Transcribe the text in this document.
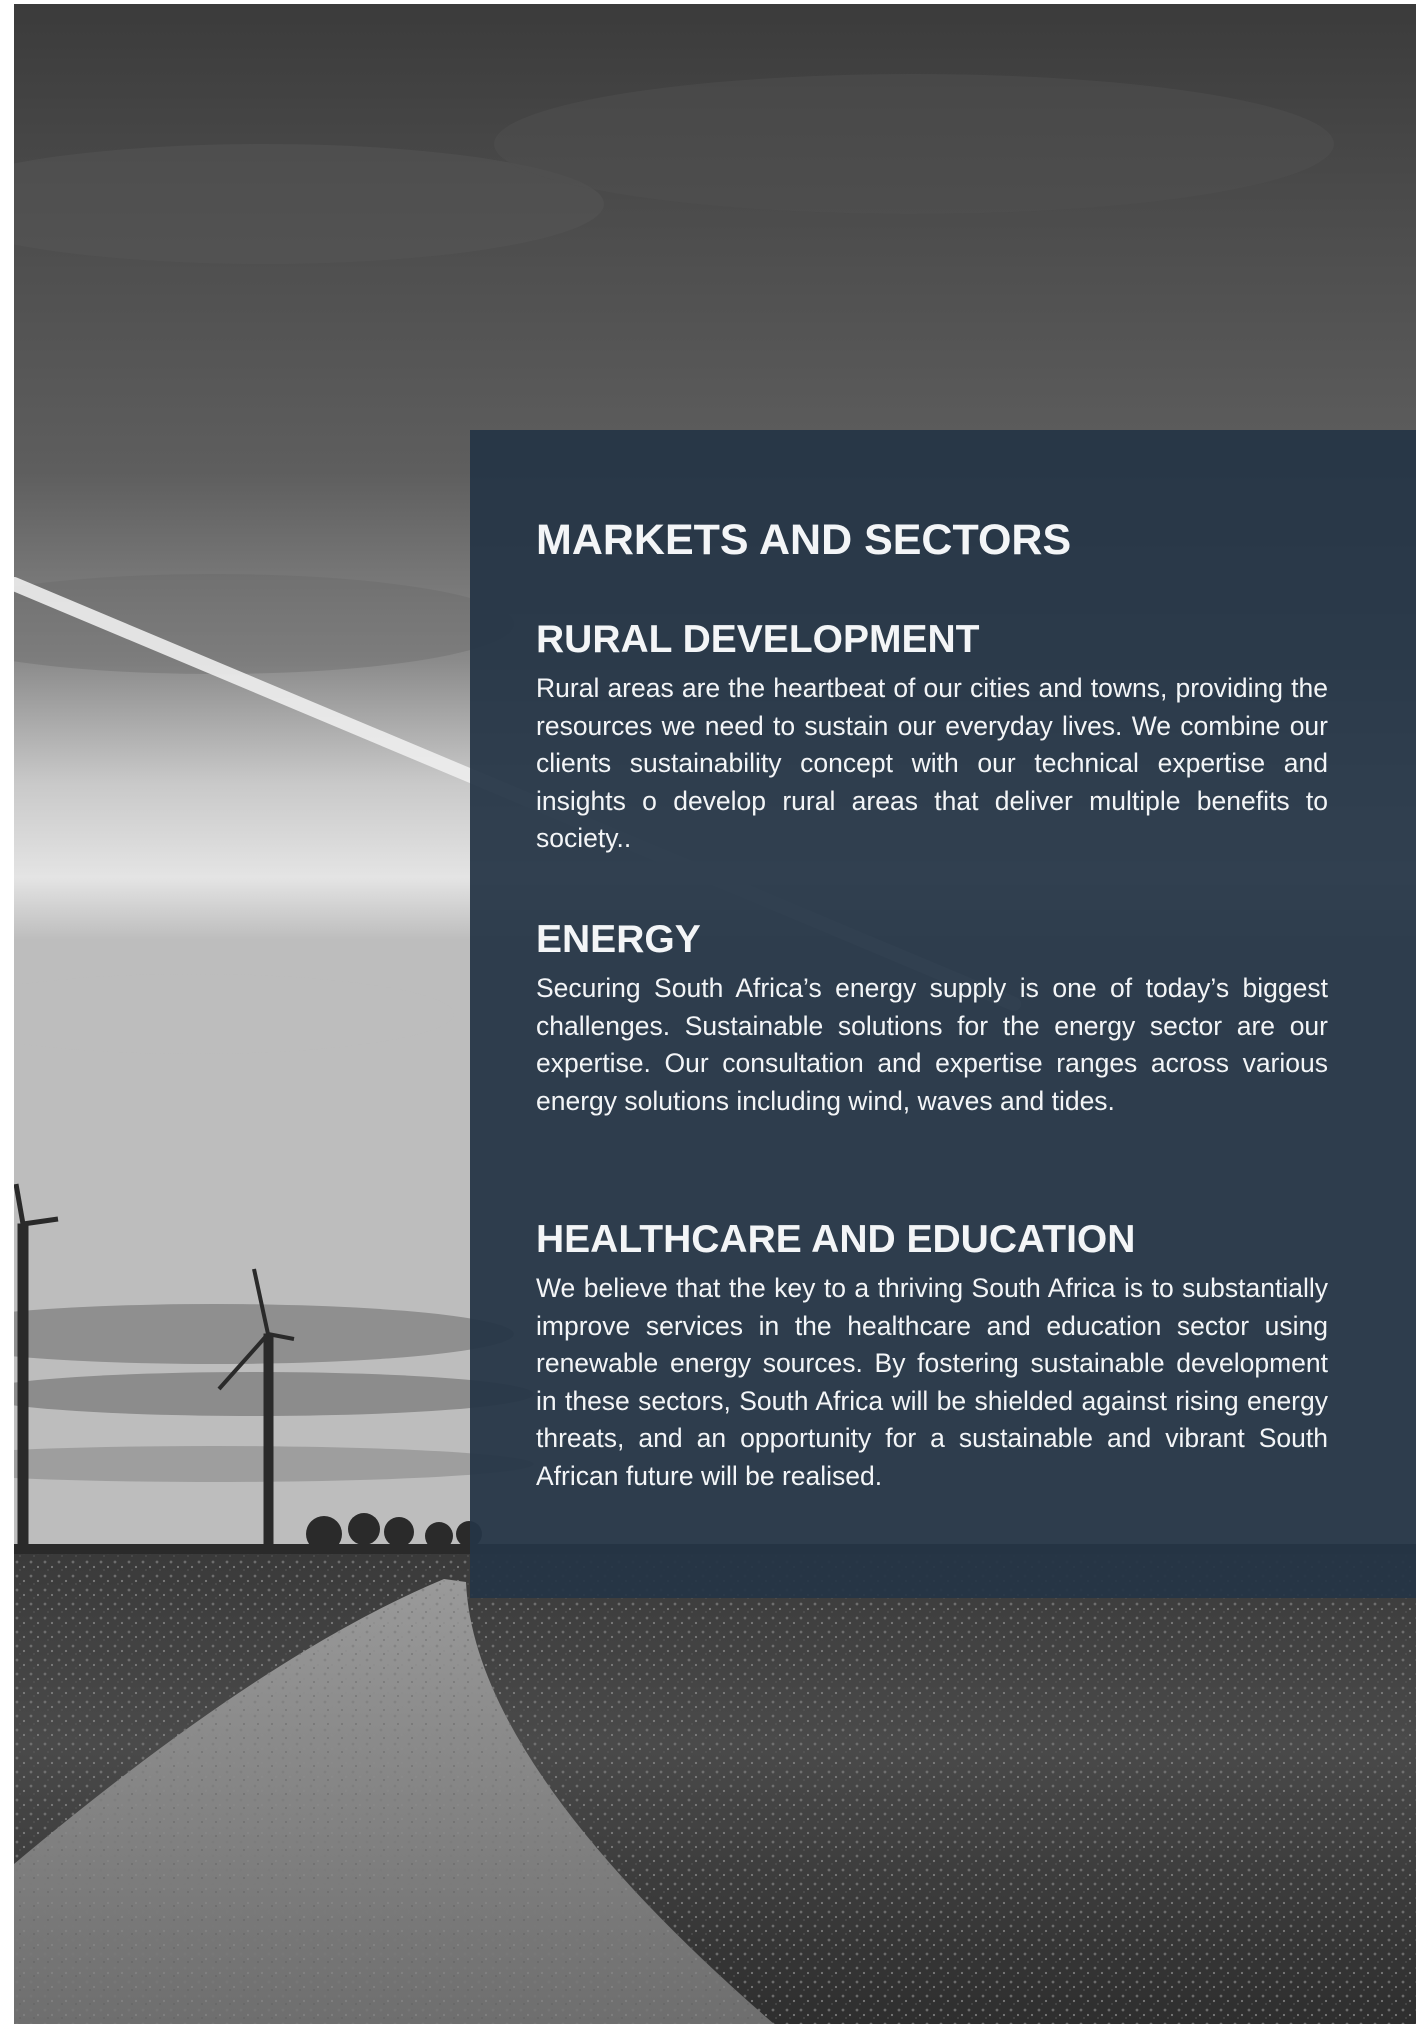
MARKETS AND SECTORS
RURAL DEVELOPMENT

Rural areas are the heartbeat of our cities and towns, providing the resources we need to sustain our everyday lives. We combine our clients sustainability concept with our technical expertise and insights o develop rural areas that deliver multiple benefits to society..

ENERGY

Securing South Africa’s energy supply is one of today’s biggest challenges. Sustainable solutions for the energy sector are our expertise. Our consultation and expertise ranges across various energy solutions including wind, waves and tides.

HEALTHCARE AND EDUCATION

We believe that the key to a thriving South Africa is to substantially improve services in the healthcare and education sector using renewable energy sources. By fostering sustainable development in these sectors, South Africa will be shielded against rising energy threats, and an opportunity for a sustainable and vibrant South African future will be realised.
